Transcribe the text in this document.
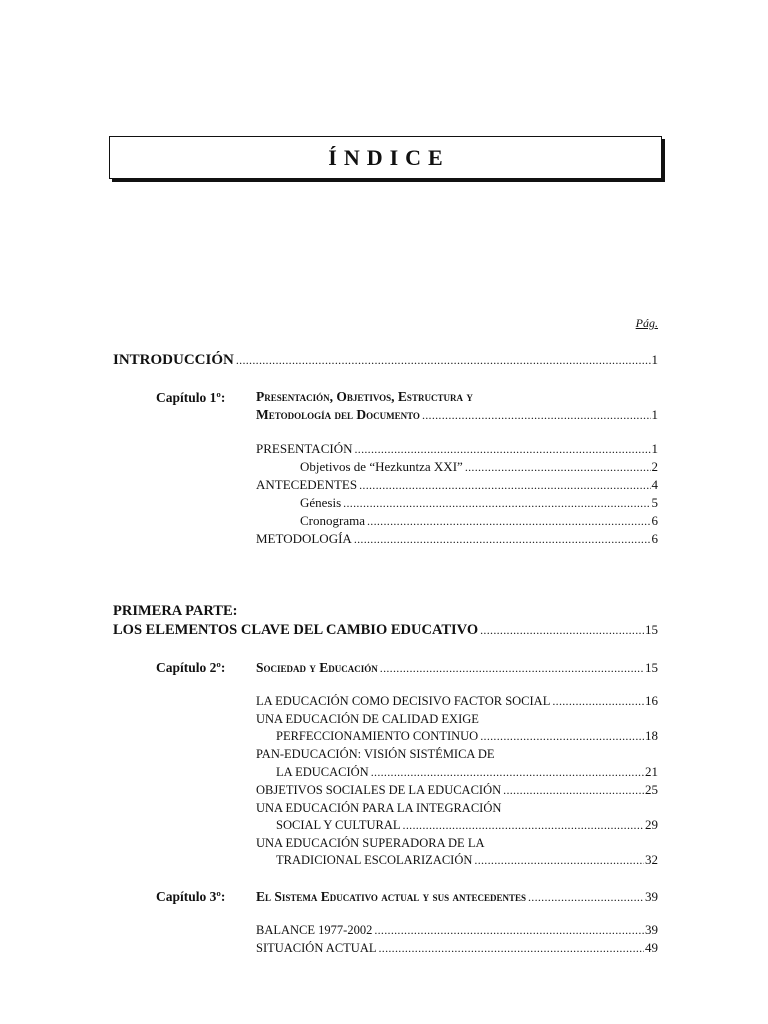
ÍNDICE
Pág.
INTRODUCCIÓN .....	1
Capítulo 1º: Presentación, Objetivos, Estructura y
Metodología del Documento .....	1
PRESENTACIÓN .....	1
Objetivos de “Hezkuntza XXI” .....	2
ANTECEDENTES .....	4
Génesis .....	5
Cronograma .....	6
METODOLOGÍA .....	6
PRIMERA PARTE:
LOS ELEMENTOS CLAVE DEL CAMBIO EDUCATIVO .....	15
Capítulo 2º:	Sociedad y Educación .....	15
LA EDUCACIÓN COMO DECISIVO FACTOR SOCIAL .....	16
UNA EDUCACIÓN DE CALIDAD EXIGE
PERFECCIONAMIENTO CONTINUO .....	18
PAN-EDUCACIÓN: VISIÓN SISTÉMICA DE
LA EDUCACIÓN .....	21
OBJETIVOS SOCIALES DE LA EDUCACIÓN .....	25
UNA EDUCACIÓN PARA LA INTEGRACIÓN
SOCIAL Y CULTURAL .....	29
UNA EDUCACIÓN SUPERADORA DE LA
TRADICIONAL ESCOLARIZACIÓN .....	32
Capítulo 3º:	El Sistema Educativo actual y sus antecedentes .....	39
BALANCE 1977-2002 .....	39
SITUACIÓN ACTUAL .....	49
